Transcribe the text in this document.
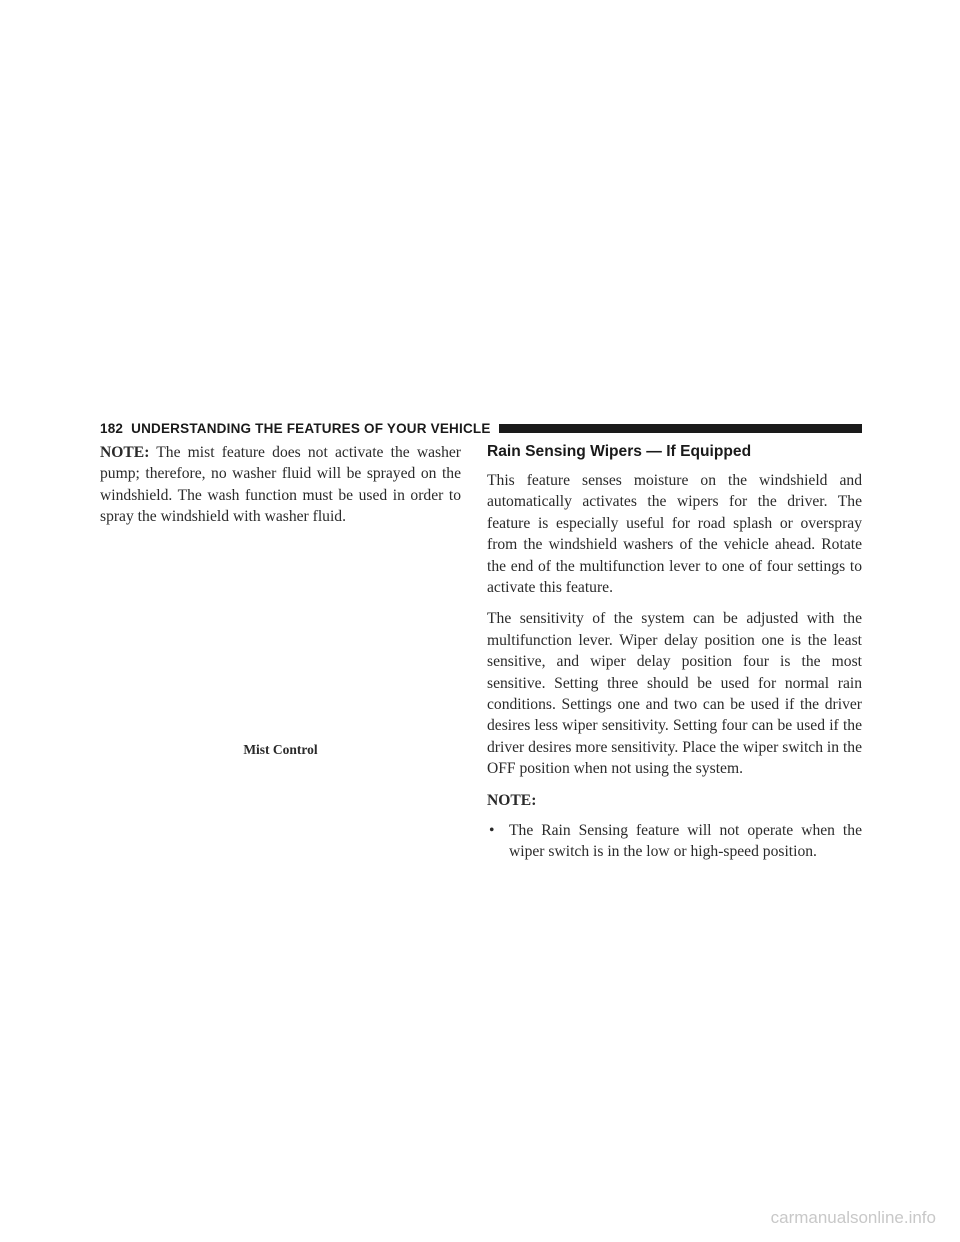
182 UNDERSTANDING THE FEATURES OF YOUR VEHICLE

NOTE: The mist feature does not activate the washer pump; therefore, no washer fluid will be sprayed on the windshield. The wash function must be used in order to spray the windshield with washer fluid.

Mist Control
Rain Sensing Wipers — If Equipped

This feature senses moisture on the windshield and automatically activates the wipers for the driver. The feature is especially useful for road splash or overspray from the windshield washers of the vehicle ahead. Rotate the end of the multifunction lever to one of four settings to activate this feature.

The sensitivity of the system can be adjusted with the multifunction lever. Wiper delay position one is the least sensitive, and wiper delay position four is the most sensitive. Setting three should be used for normal rain conditions. Settings one and two can be used if the driver desires less wiper sensitivity. Setting four can be used if the driver desires more sensitivity. Place the wiper switch in the OFF position when not using the system.

NOTE:
• The Rain Sensing feature will not operate when the wiper switch is in the low or high-speed position.
carmanualsonline.info
